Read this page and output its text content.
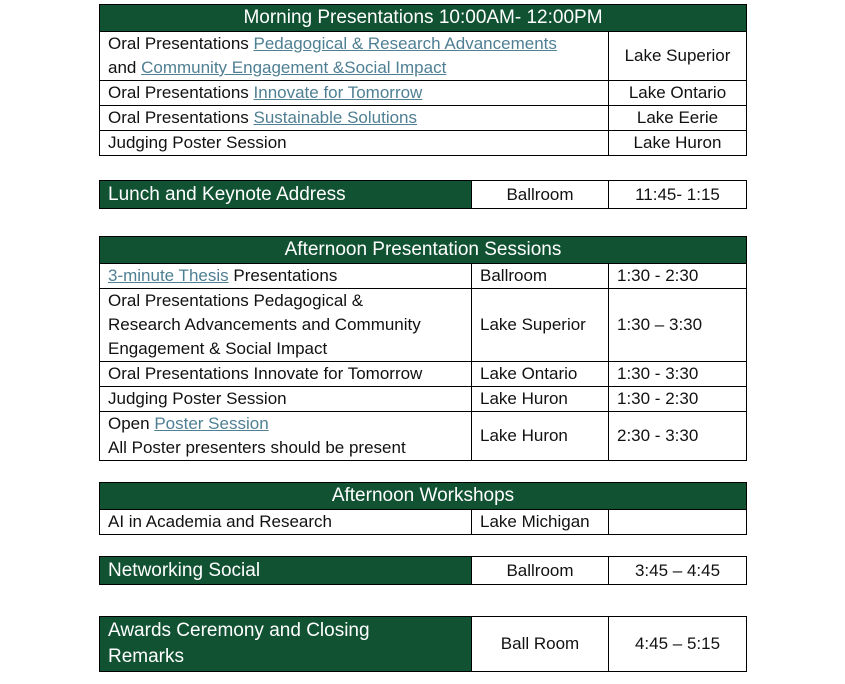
Morning Presentations 10:00AM- 12:00PM	
Oral Presentations Pedagogical & Research Advancements
and Community Engagement &Social Impact	Lake Superior
Oral Presentations Innovate for Tomorrow	Lake Ontario
Oral Presentations Sustainable Solutions	Lake Eerie
Judging Poster Session	Lake Huron
Lunch and Keynote Address	Ballroom	11:45- 1:15
Afternoon Presentation Sessions		
3-minute Thesis Presentations	Ballroom	1:30 - 2:30
Oral Presentations Pedagogical &
Research Advancements and Community
Engagement & Social Impact	Lake Superior	1:30 – 3:30
Oral Presentations Innovate for Tomorrow	Lake Ontario	1:30 - 3:30
Judging Poster Session	Lake Huron	1:30 - 2:30
Open Poster Session
All Poster presenters should be present	Lake Huron	2:30 - 3:30
Afternoon Workshops
AI in Academia and Research	Lake Michigan	
Networking Social	Ballroom	3:45 – 4:45
Awards Ceremony and Closing
Remarks	Ball Room	4:45 – 5:15
